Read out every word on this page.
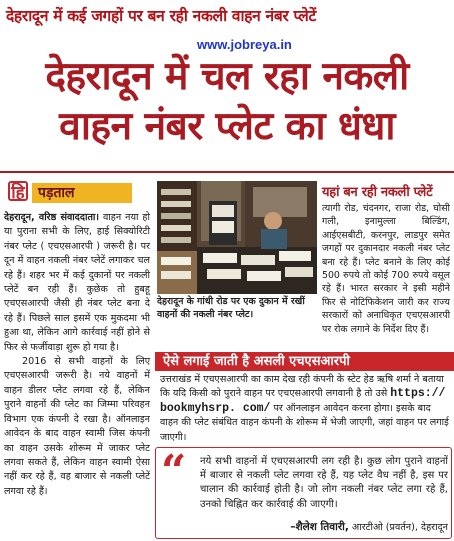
देहरादून में कई जगहों पर बन रही नकली वाहन नंबर प्लेटें
www.jobreya.in
देहरादून में चल रहा नकली
वाहन नंबर प्लेट का धंधा
हि पड़ताल

देहरादून, वरिष्ठ संवाददाता। वाहन नया हो या पुराना सभी के लिए, हाई सिक्योरिटी नंबर प्लेट ( एचएसआरपी ) जरूरी है। पर दून में वाहन नकली नंबर प्लेटें लगाकर चल रहे हैं। शहर भर में कई दुकानों पर नकली प्लेटें बन रही हैं। कुछेक तो हुबहू एचएसआरपी जैसी ही नंबर प्लेट बना दे रहे हैं। पिछले साल इसमें एक मुकदमा भी हुआ था, लेकिन आगे कार्रवाई नहीं होने से फिर से फर्जीवाड़ा शुरू हो गया है।

2016 से सभी वाहनों के लिए एचएसआरपी जरूरी है। नये वाहनों में वाहन डीलर प्लेट लगवा रहे हैं, लेकिन पुराने वाहनों की प्लेट का जिम्मा परिवहन विभाग एक कंपनी दे रखा है। ऑनलाइन आवेदन के बाद वाहन स्वामी जिस कंपनी का वाहन उसके शोरूम में जाकर प्लेट लगवा सकते हैं, लेकिन वाहन स्वामी ऐसा नहीं कर रहे हैं, वह बाजार से नकली प्लेटें लगवा रहे हैं।

देहरादून के गांधी रोड पर एक दुकान में रखीं वाहनों की नकली नंबर प्लेट।
यहां बन रही नकली प्लेटें
त्यागी रोड, चंदनगर, राजा रोड, घोसी गली, इनामुल्ला बिल्डिंग, आईएसबीटी, करनपुर, लाडपुर समेत जगहों पर दुकानदार नकली नंबर प्लेट बना रहे हैं। प्लेट बनाने के लिए कोई 500 रुपये तो कोई 700 रुपये वसूल रहे हैं। भारत सरकार ने इसी महीने फिर से नोटिफिकेशन जारी कर राज्य सरकारों को अनाधिकृत एचएसआरपी पर रोक लगाने के निर्देश दिए हैं।
ऐसे लगाई जाती है असली एचएसआरपी
उत्तराखंड में एचएसआरपी का काम देख रही कंपनी के स्टेट हेड ऋषि शर्मा ने बताया कि यदि किसी को पुराने वाहन पर एचएसआरपी लगवानी है तो उसे https:// bookmyhsrp. com/ पर ऑनलाइन आवेदन करना होगा। इसके बाद वाहन की प्लेट संबंधित वाहन कंपनी के शोरूम में भेजी जाएगी, जहां वाहन पर लगाई जाएगी।
“ नये सभी वाहनों में एचएसआरपी लग रही है। कुछ लोग पुराने वाहनों में बाजार से नकली प्लेट लगवा रहे हैं, यह प्लेट वैध नहीं है, इस पर चालान की कार्रवाई होती है। जो लोग नकली नंबर प्लेट लगा रहे हैं, उनको चिह्नित कर कार्रवाई की जाएगी।
–शैलेश तिवारी, आरटीओ (प्रवर्तन), देहरादून
